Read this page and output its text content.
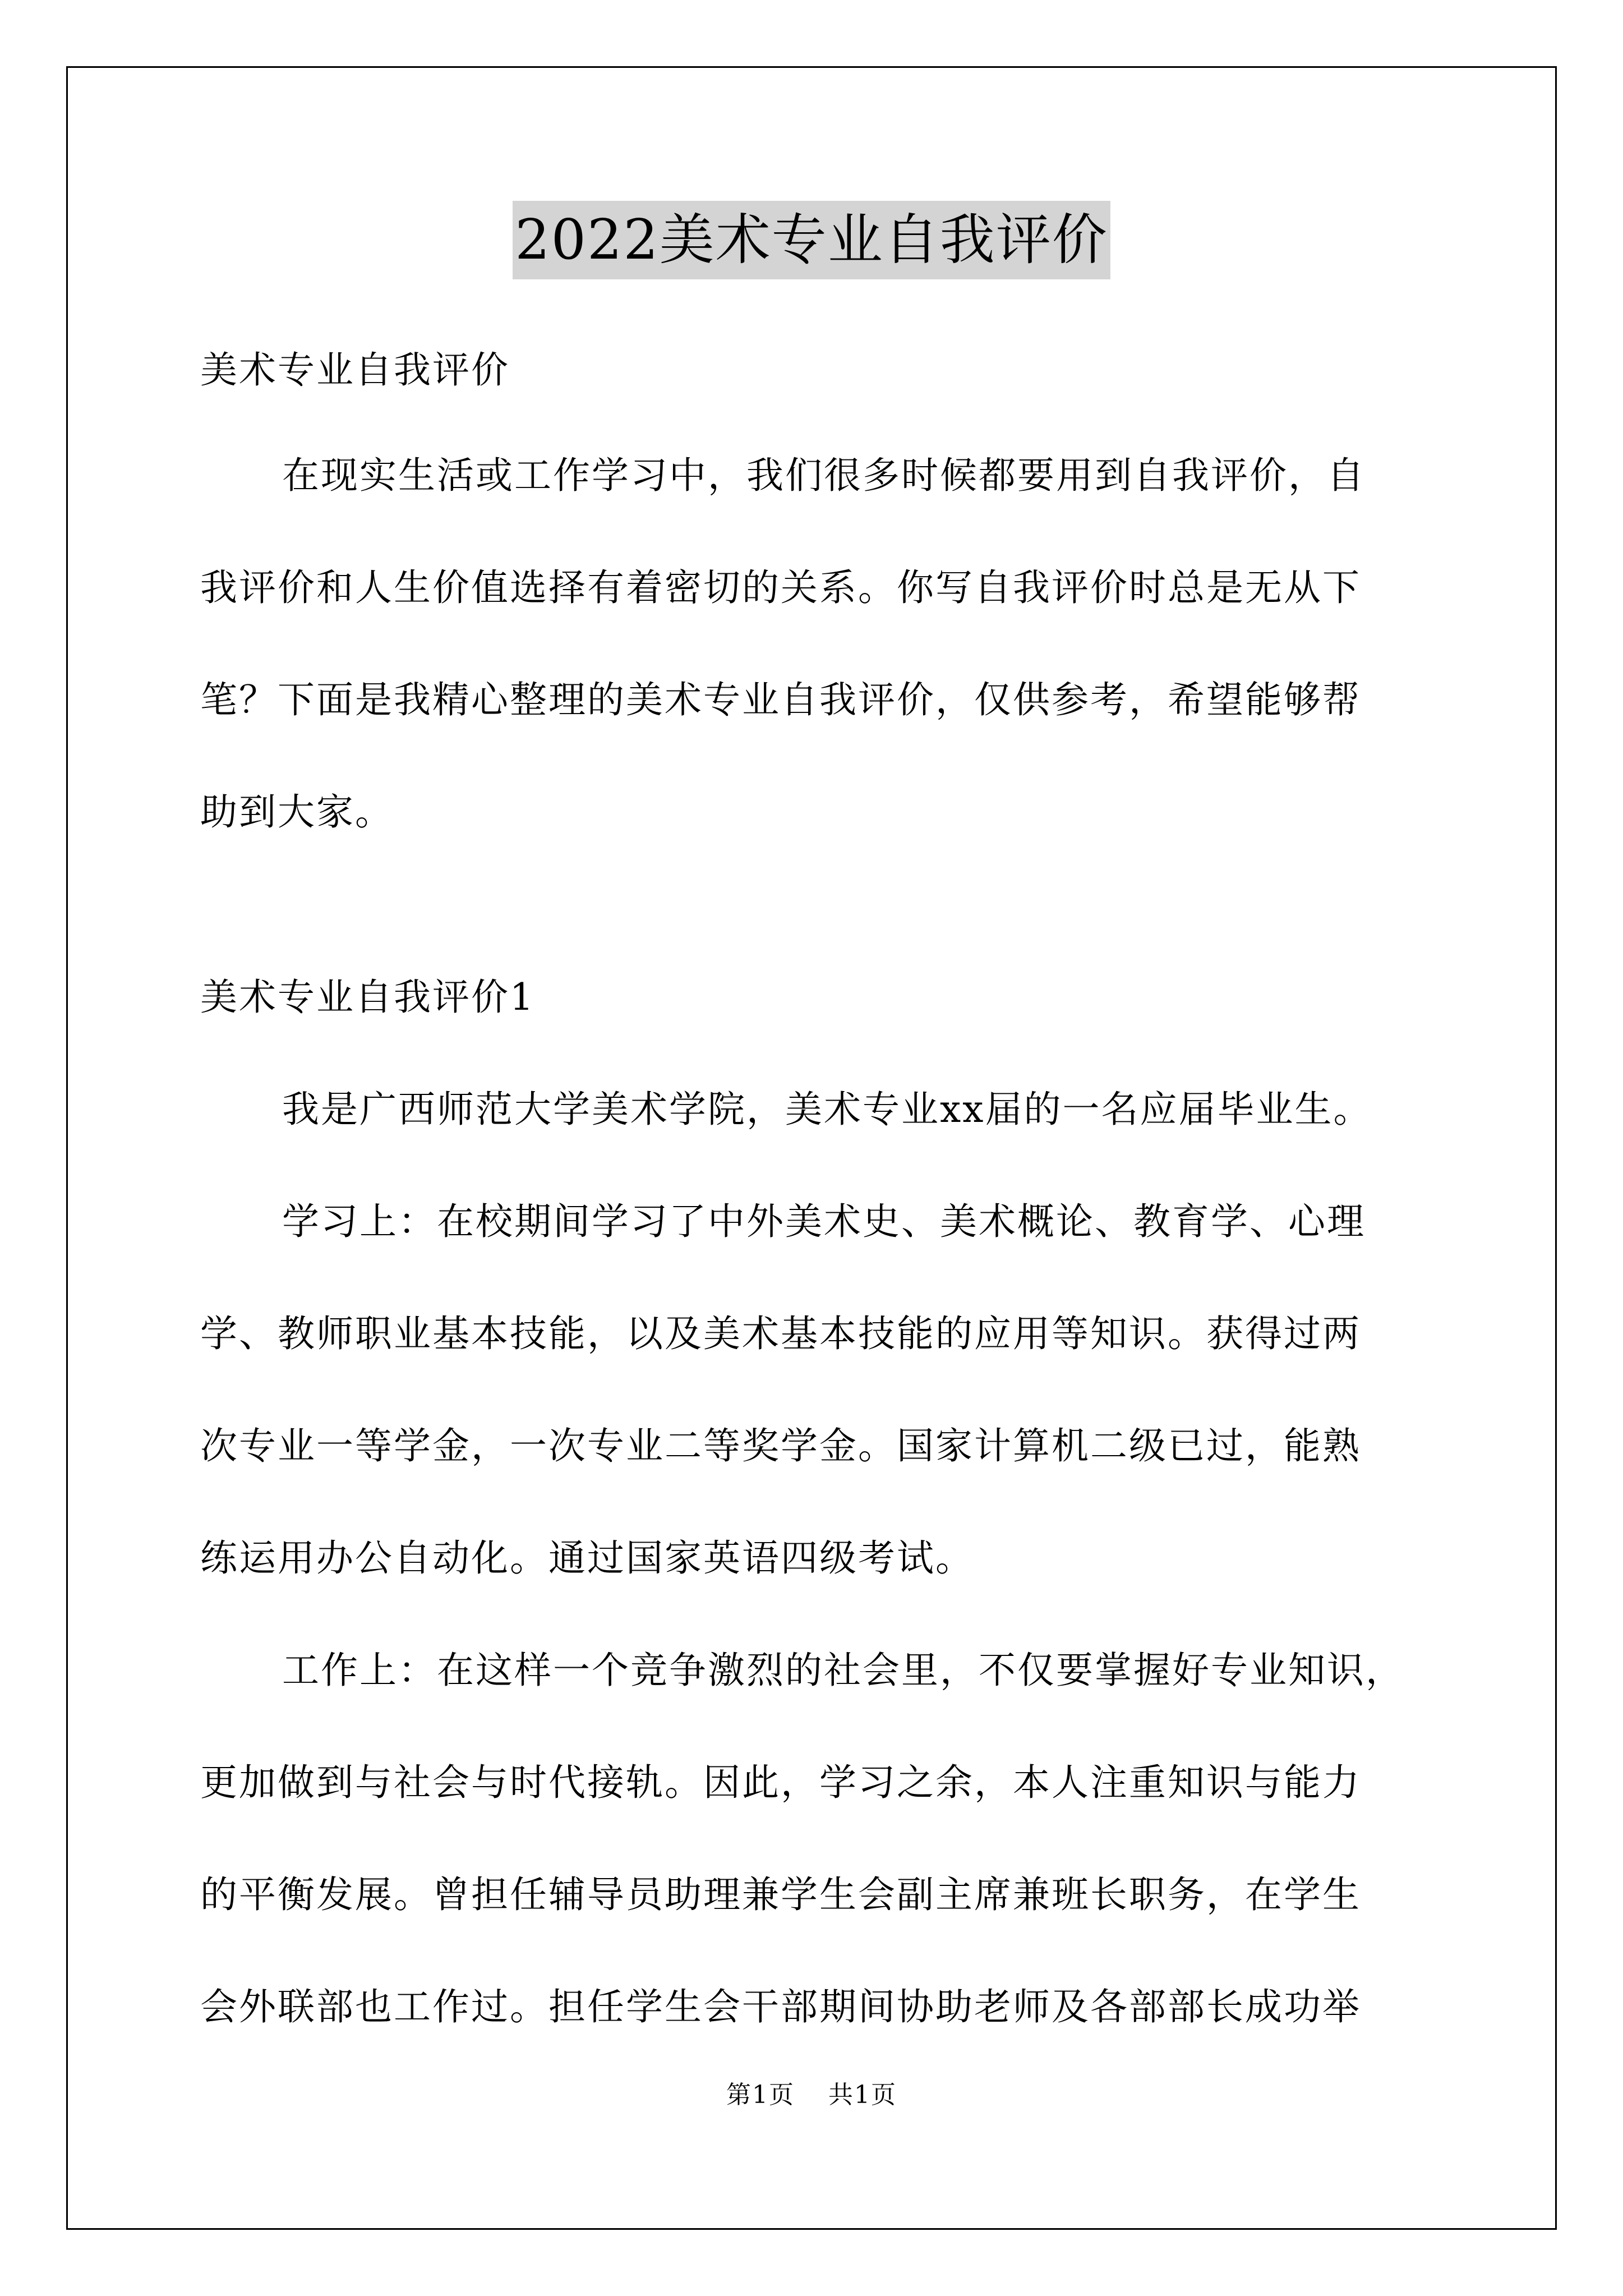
2022美术专业自我评价
美术专业自我评价
在现实生活或工作学习中，我们很多时候都要用到自我评价，自
我评价和人生价值选择有着密切的关系。你写自我评价时总是无从下
笔？下面是我精心整理的美术专业自我评价，仅供参考，希望能够帮
助到大家。
美术专业自我评价1
我是广西师范大学美术学院，美术专业xx届的一名应届毕业生。
学习上：在校期间学习了中外美术史、美术概论、教育学、心理
学、教师职业基本技能，以及美术基本技能的应用等知识。获得过两
次专业一等学金，一次专业二等奖学金。国家计算机二级已过，能熟
练运用办公自动化。通过国家英语四级考试。
工作上：在这样一个竞争激烈的社会里，不仅要掌握好专业知识，
更加做到与社会与时代接轨。因此，学习之余，本人注重知识与能力
的平衡发展。曾担任辅导员助理兼学生会副主席兼班长职务，在学生
会外联部也工作过。担任学生会干部期间协助老师及各部部长成功举
第1页 共1页
